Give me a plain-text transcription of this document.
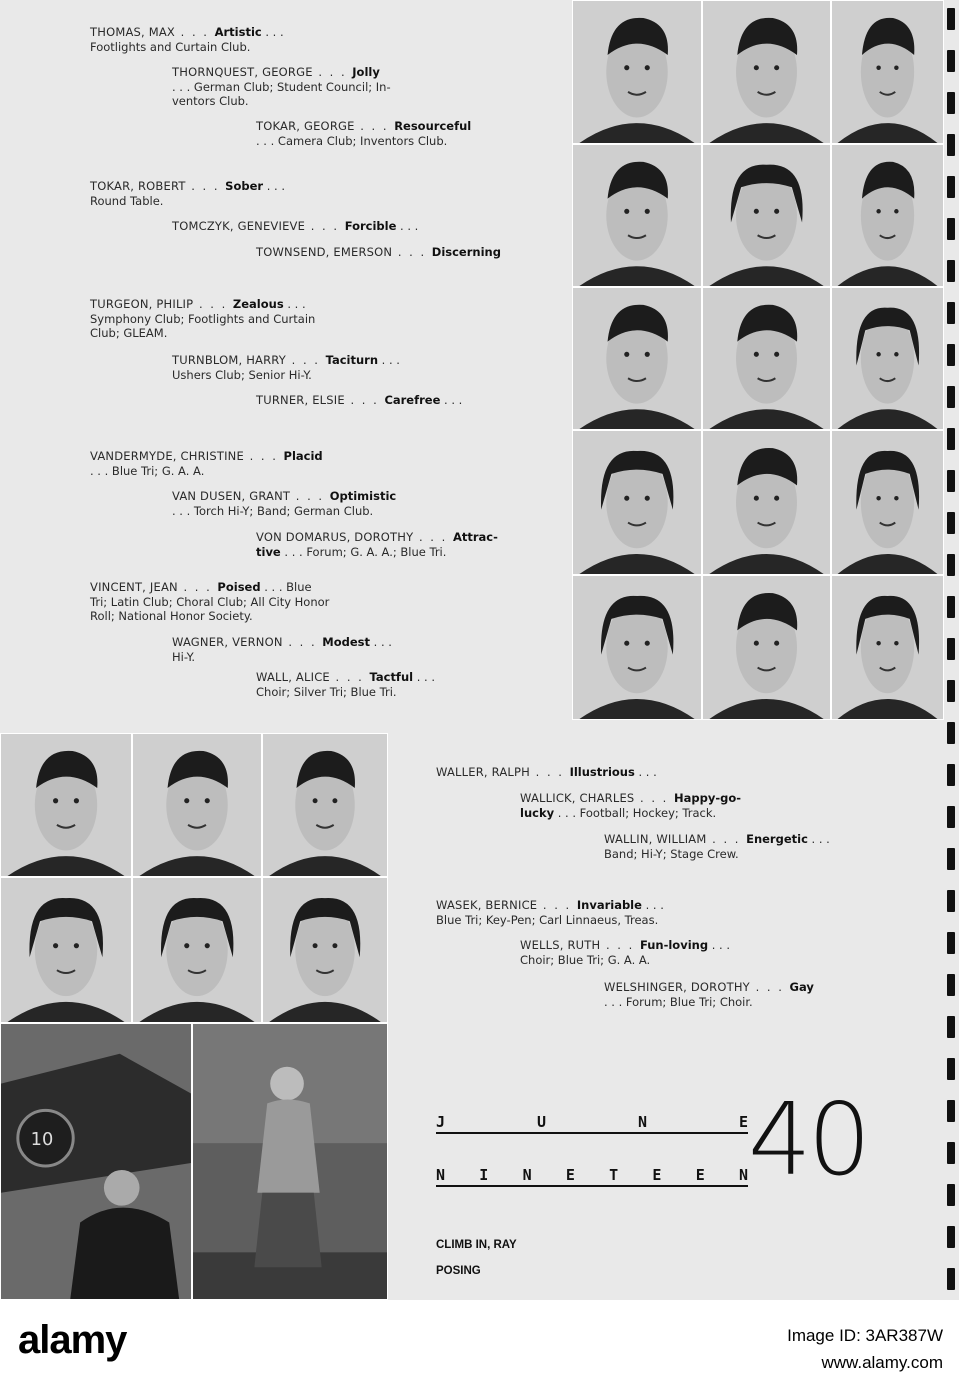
THOMAS, MAX . . . Artistic . . .
Footlights and Curtain Club.
THORNQUEST, GEORGE . . . Jolly
. . . German Club; Student Council; In-
ventors Club.
TOKAR, GEORGE . . . Resourceful
. . . Camera Club; Inventors Club.
TOKAR, ROBERT . . . Sober . . .
Round Table.
TOMCZYK, GENEVIEVE . . . Forcible . . .
TOWNSEND, EMERSON . . . Discerning
TURGEON, PHILIP . . . Zealous . . .
Symphony Club; Footlights and Curtain
Club; GLEAM.
TURNBLOM, HARRY . . . Taciturn . . .
Ushers Club; Senior Hi-Y.
TURNER, ELSIE . . . Carefree . . .
VANDERMYDE, CHRISTINE . . . Placid
. . . Blue Tri; G. A. A.
VAN DUSEN, GRANT . . . Optimistic
. . . Torch Hi-Y; Band; German Club.
VON DOMARUS, DOROTHY . . . Attrac-
tive . . . Forum; G. A. A.; Blue Tri.
VINCENT, JEAN . . . Poised . . . Blue
Tri; Latin Club; Choral Club; All City Honor
Roll; National Honor Society.
WAGNER, VERNON . . . Modest . . .
Hi-Y.
WALL, ALICE . . . Tactful . . .
Choir; Silver Tri; Blue Tri.
WALLER, RALPH . . . Illustrious . . .
WALLICK, CHARLES . . . Happy-go-
lucky . . . Football; Hockey; Track.
WALLIN, WILLIAM . . . Energetic . . .
Band; Hi-Y; Stage Crew.
WASEK, BERNICE . . . Invariable . . .
Blue Tri; Key-Pen; Carl Linnaeus, Treas.
WELLS, RUTH . . . Fun-loving . . .
Choir; Blue Tri; G. A. A.
WELSHINGER, DOROTHY . . . Gay
. . . Forum; Blue Tri; Choir.
10
J	U	N	E
N I N E T E E N 40
CLIMB IN, RAY
POSING
alamy	Image ID: 3AR387W
www.alamy.com
